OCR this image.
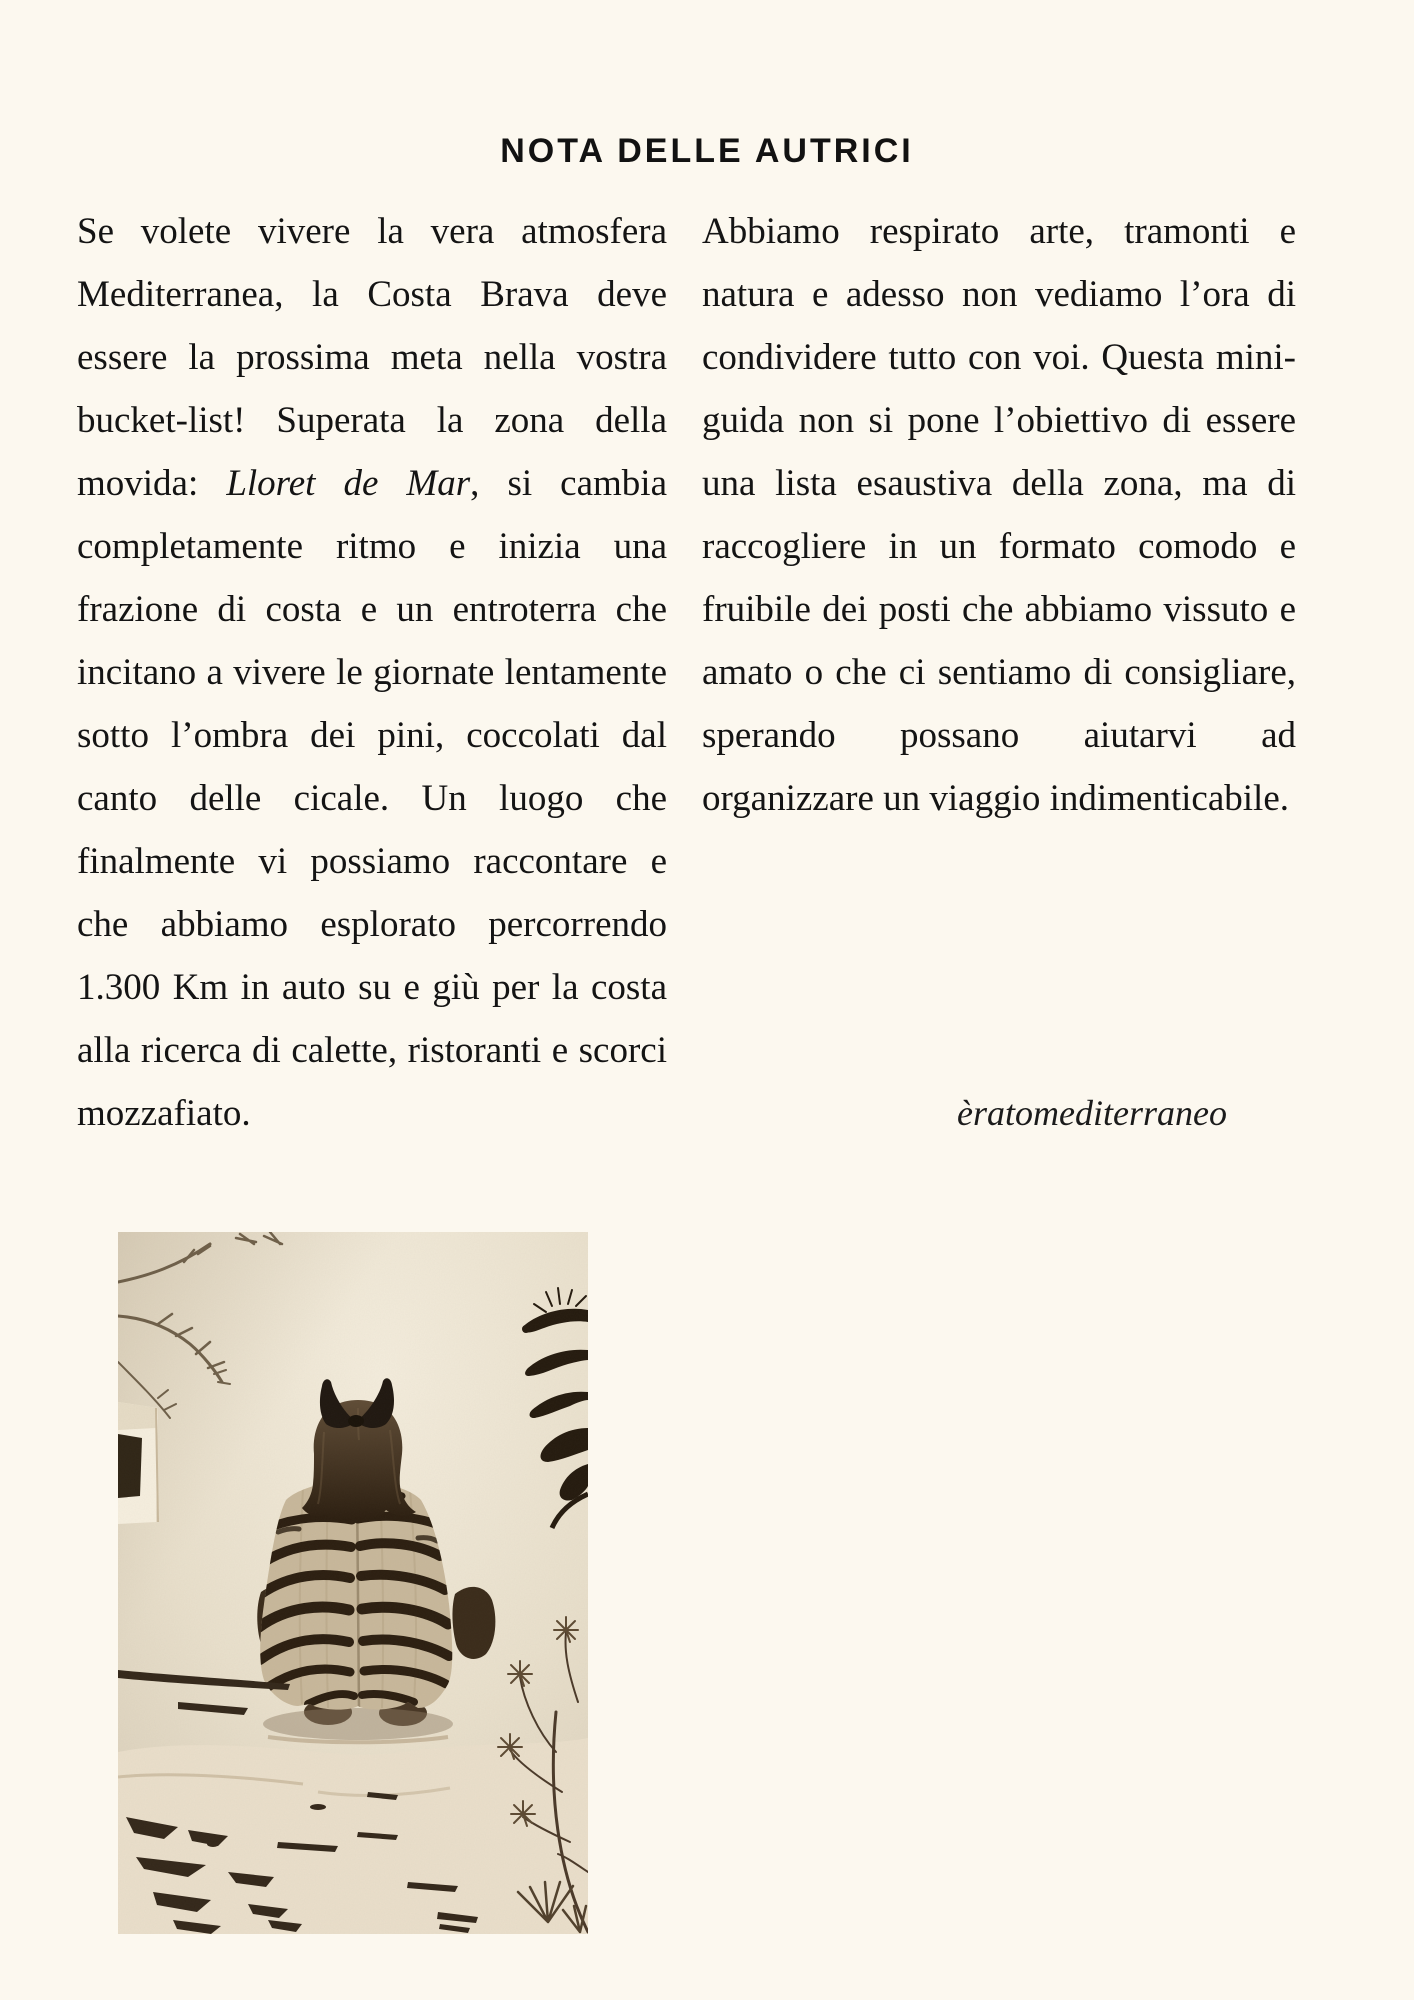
NOTA DELLE AUTRICI

Se volete vivere la vera atmosfera Mediterranea, la Costa Brava deve essere la prossima meta nella vostra bucket-list! Superata la zona della movida: Lloret de Mar, si cambia completamente ritmo e inizia una frazione di costa e un entroterra che incitano a vivere le giornate lentamente sotto l’ombra dei pini, coccolati dal canto delle cicale. Un luogo che finalmente vi possiamo raccontare e che abbiamo esplorato percorrendo 1.300 Km in auto su e giù per la costa alla ricerca di calette, ristoranti e scorci mozzafiato.

Abbiamo respirato arte, tramonti e natura e adesso non vediamo l’ora di condividere tutto con voi. Questa mini-guida non si pone l’obiettivo di essere una lista esaustiva della zona, ma di raccogliere in un formato comodo e fruibile dei posti che abbiamo vissuto e amato o che ci sentiamo di consigliare, sperando possano aiutarvi ad organizzare un viaggio indimenticabile.

èratomediterraneo
